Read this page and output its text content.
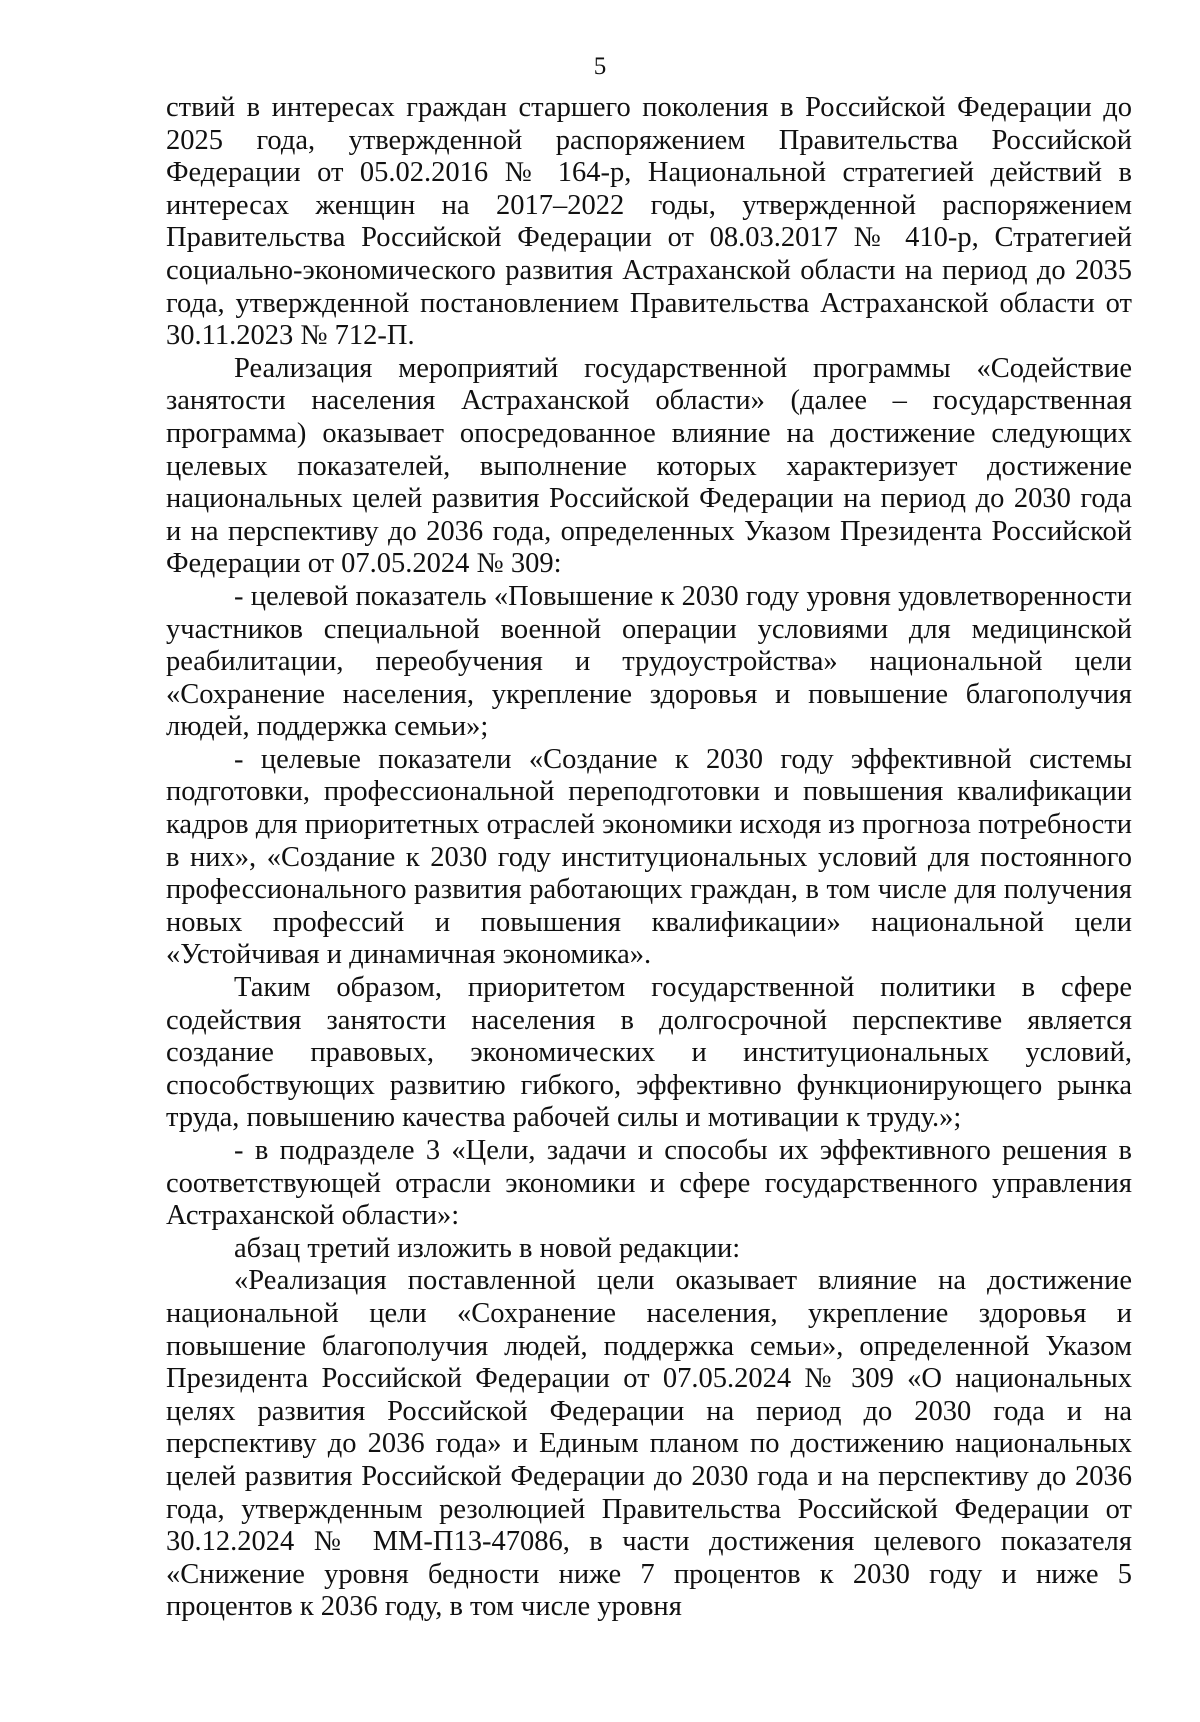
5

ствий в интересах граждан старшего поколения в Российской Федерации до 2025 года, утвержденной распоряжением Правительства Российской Федерации от 05.02.2016 № 164-р, Национальной стратегией действий в интересах женщин на 2017–2022 годы, утвержденной распоряжением Правительства Российской Федерации от 08.03.2017 № 410-р, Стратегией социально-экономического развития Астраханской области на период до 2035 года, утвержденной постановлением Правительства Астраханской области от 30.11.2023 № 712-П.

Реализация мероприятий государственной программы «Содействие занятости населения Астраханской области» (далее – государственная программа) оказывает опосредованное влияние на достижение следующих целевых показателей, выполнение которых характеризует достижение национальных целей развития Российской Федерации на период до 2030 года и на перспективу до 2036 года, определенных Указом Президента Российской Федерации от 07.05.2024 № 309:

- целевой показатель «Повышение к 2030 году уровня удовлетворенности участников специальной военной операции условиями для медицинской реабилитации, переобучения и трудоустройства» национальной цели «Сохранение населения, укрепление здоровья и повышение благополучия людей, поддержка семьи»;

- целевые показатели «Создание к 2030 году эффективной системы подготовки, профессиональной переподготовки и повышения квалификации кадров для приоритетных отраслей экономики исходя из прогноза потребности в них», «Создание к 2030 году институциональных условий для постоянного профессионального развития работающих граждан, в том числе для получения новых профессий и повышения квалификации» национальной цели «Устойчивая и динамичная экономика».

Таким образом, приоритетом государственной политики в сфере содействия занятости населения в долгосрочной перспективе является создание правовых, экономических и институциональных условий, способствующих развитию гибкого, эффективно функционирующего рынка труда, повышению качества рабочей силы и мотивации к труду.»;

- в подразделе 3 «Цели, задачи и способы их эффективного решения в соответствующей отрасли экономики и сфере государственного управления Астраханской области»:

абзац третий изложить в новой редакции:

«Реализация поставленной цели оказывает влияние на достижение национальной цели «Сохранение населения, укрепление здоровья и повышение благополучия людей, поддержка семьи», определенной Указом Президента Российской Федерации от 07.05.2024 № 309 «О национальных целях развития Российской Федерации на период до 2030 года и на перспективу до 2036 года» и Единым планом по достижению национальных целей развития Российской Федерации до 2030 года и на перспективу до 2036 года, утвержденным резолюцией Правительства Российской Федерации от 30.12.2024 № ММ-П13-47086, в части достижения целевого показателя «Снижение уровня бедности ниже 7 процентов к 2030 году и ниже 5 процентов к 2036 году, в том числе уровня
